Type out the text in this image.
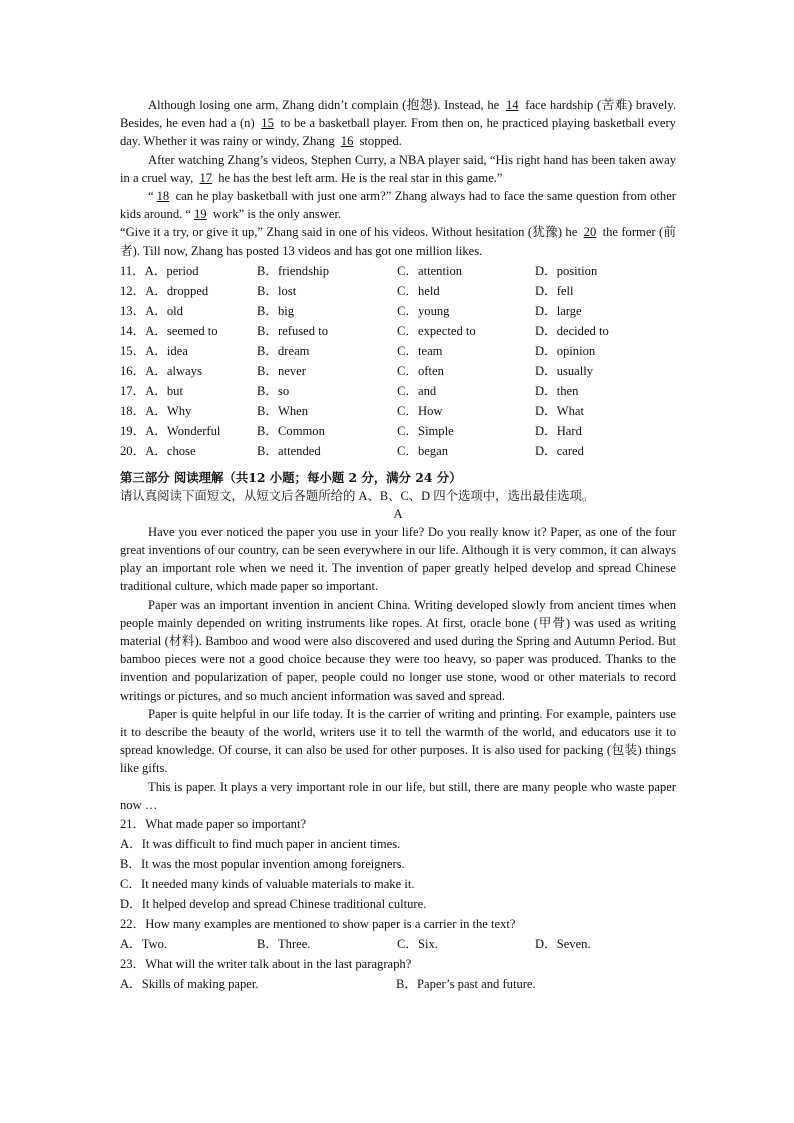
Although losing one arm, Zhang didn’t complain (抱怨). Instead, he 14 face hardship (苦难) bravely. Besides, he even had a (n) 15 to be a basketball player. From then on, he practiced playing basketball every day. Whether it was rainy or windy, Zhang 16 stopped.

After watching Zhang’s videos, Stephen Curry, a NBA player said, “His right hand has been taken away in a cruel way, 17 he has the best left arm. He is the real star in this game.”

“ 18 can he play basketball with just one arm?” Zhang always had to face the same question from other kids around. “ 19 work” is the only answer.

“Give it a try, or give it up,” Zhang said in one of his videos. Without hesitation (犹豫) he 20 the former (前者). Till now, Zhang has posted 13 videos and has got one million likes.

11．A．period	B．friendship	C．attention	D．position
12．A．dropped	B．lost	C．held	D．fell
13．A．old	B．big	C．young	D．large
14．A．seemed to	B．refused to	C．expected to	D．decided to
15．A．idea	B．dream	C．team	D．opinion
16．A．always	B．never	C．often	D．usually
17．A．but	B．so	C．and	D．then
18．A．Why	B．When	C．How	D．What
19．A．Wonderful	B．Common	C．Simple	D．Hard
20．A．chose	B．attended	C．began	D．cared
第三部分 阅读理解（共12 小题；每小题 2 分，满分 24 分）
请认真阅读下面短文，从短文后各题所给的 A、B、C、D 四个选项中，选出最佳选项。
A

Have you ever noticed the paper you use in your life? Do you really know it? Paper, as one of the four great inventions of our country, can be seen everywhere in our life. Although it is very common, it can always play an important role when we need it. The invention of paper greatly helped develop and spread Chinese traditional culture, which made paper so important.

Paper was an important invention in ancient China. Writing developed slowly from ancient times when people mainly depended on writing instruments like ropes. At first, oracle bone (甲骨) was used as writing material (材料). Bamboo and wood were also discovered and used during the Spring and Autumn Period. But bamboo pieces were not a good choice because they were too heavy, so paper was produced. Thanks to the invention and popularization of paper, people could no longer use stone, wood or other materials to record writings or pictures, and so much ancient information was saved and spread.

Paper is quite helpful in our life today. It is the carrier of writing and printing. For example, painters use it to describe the beauty of the world, writers use it to tell the warmth of the world, and educators use it to spread knowledge. Of course, it can also be used for other purposes. It is also used for packing (包装) things like gifts.

This is paper. It plays a very important role in our life, but still, there are many people who waste paper now …

21．What made paper so important?
A．It was difficult to find much paper in ancient times.
B．It was the most popular invention among foreigners.
C．It needed many kinds of valuable materials to make it.
D．It helped develop and spread Chinese traditional culture.
22．How many examples are mentioned to show paper is a carrier in the text?
A．Two.	B．Three.	C．Six.	D．Seven.
23．What will the writer talk about in the last paragraph?
A．Skills of making paper.	B．Paper’s past and future.
